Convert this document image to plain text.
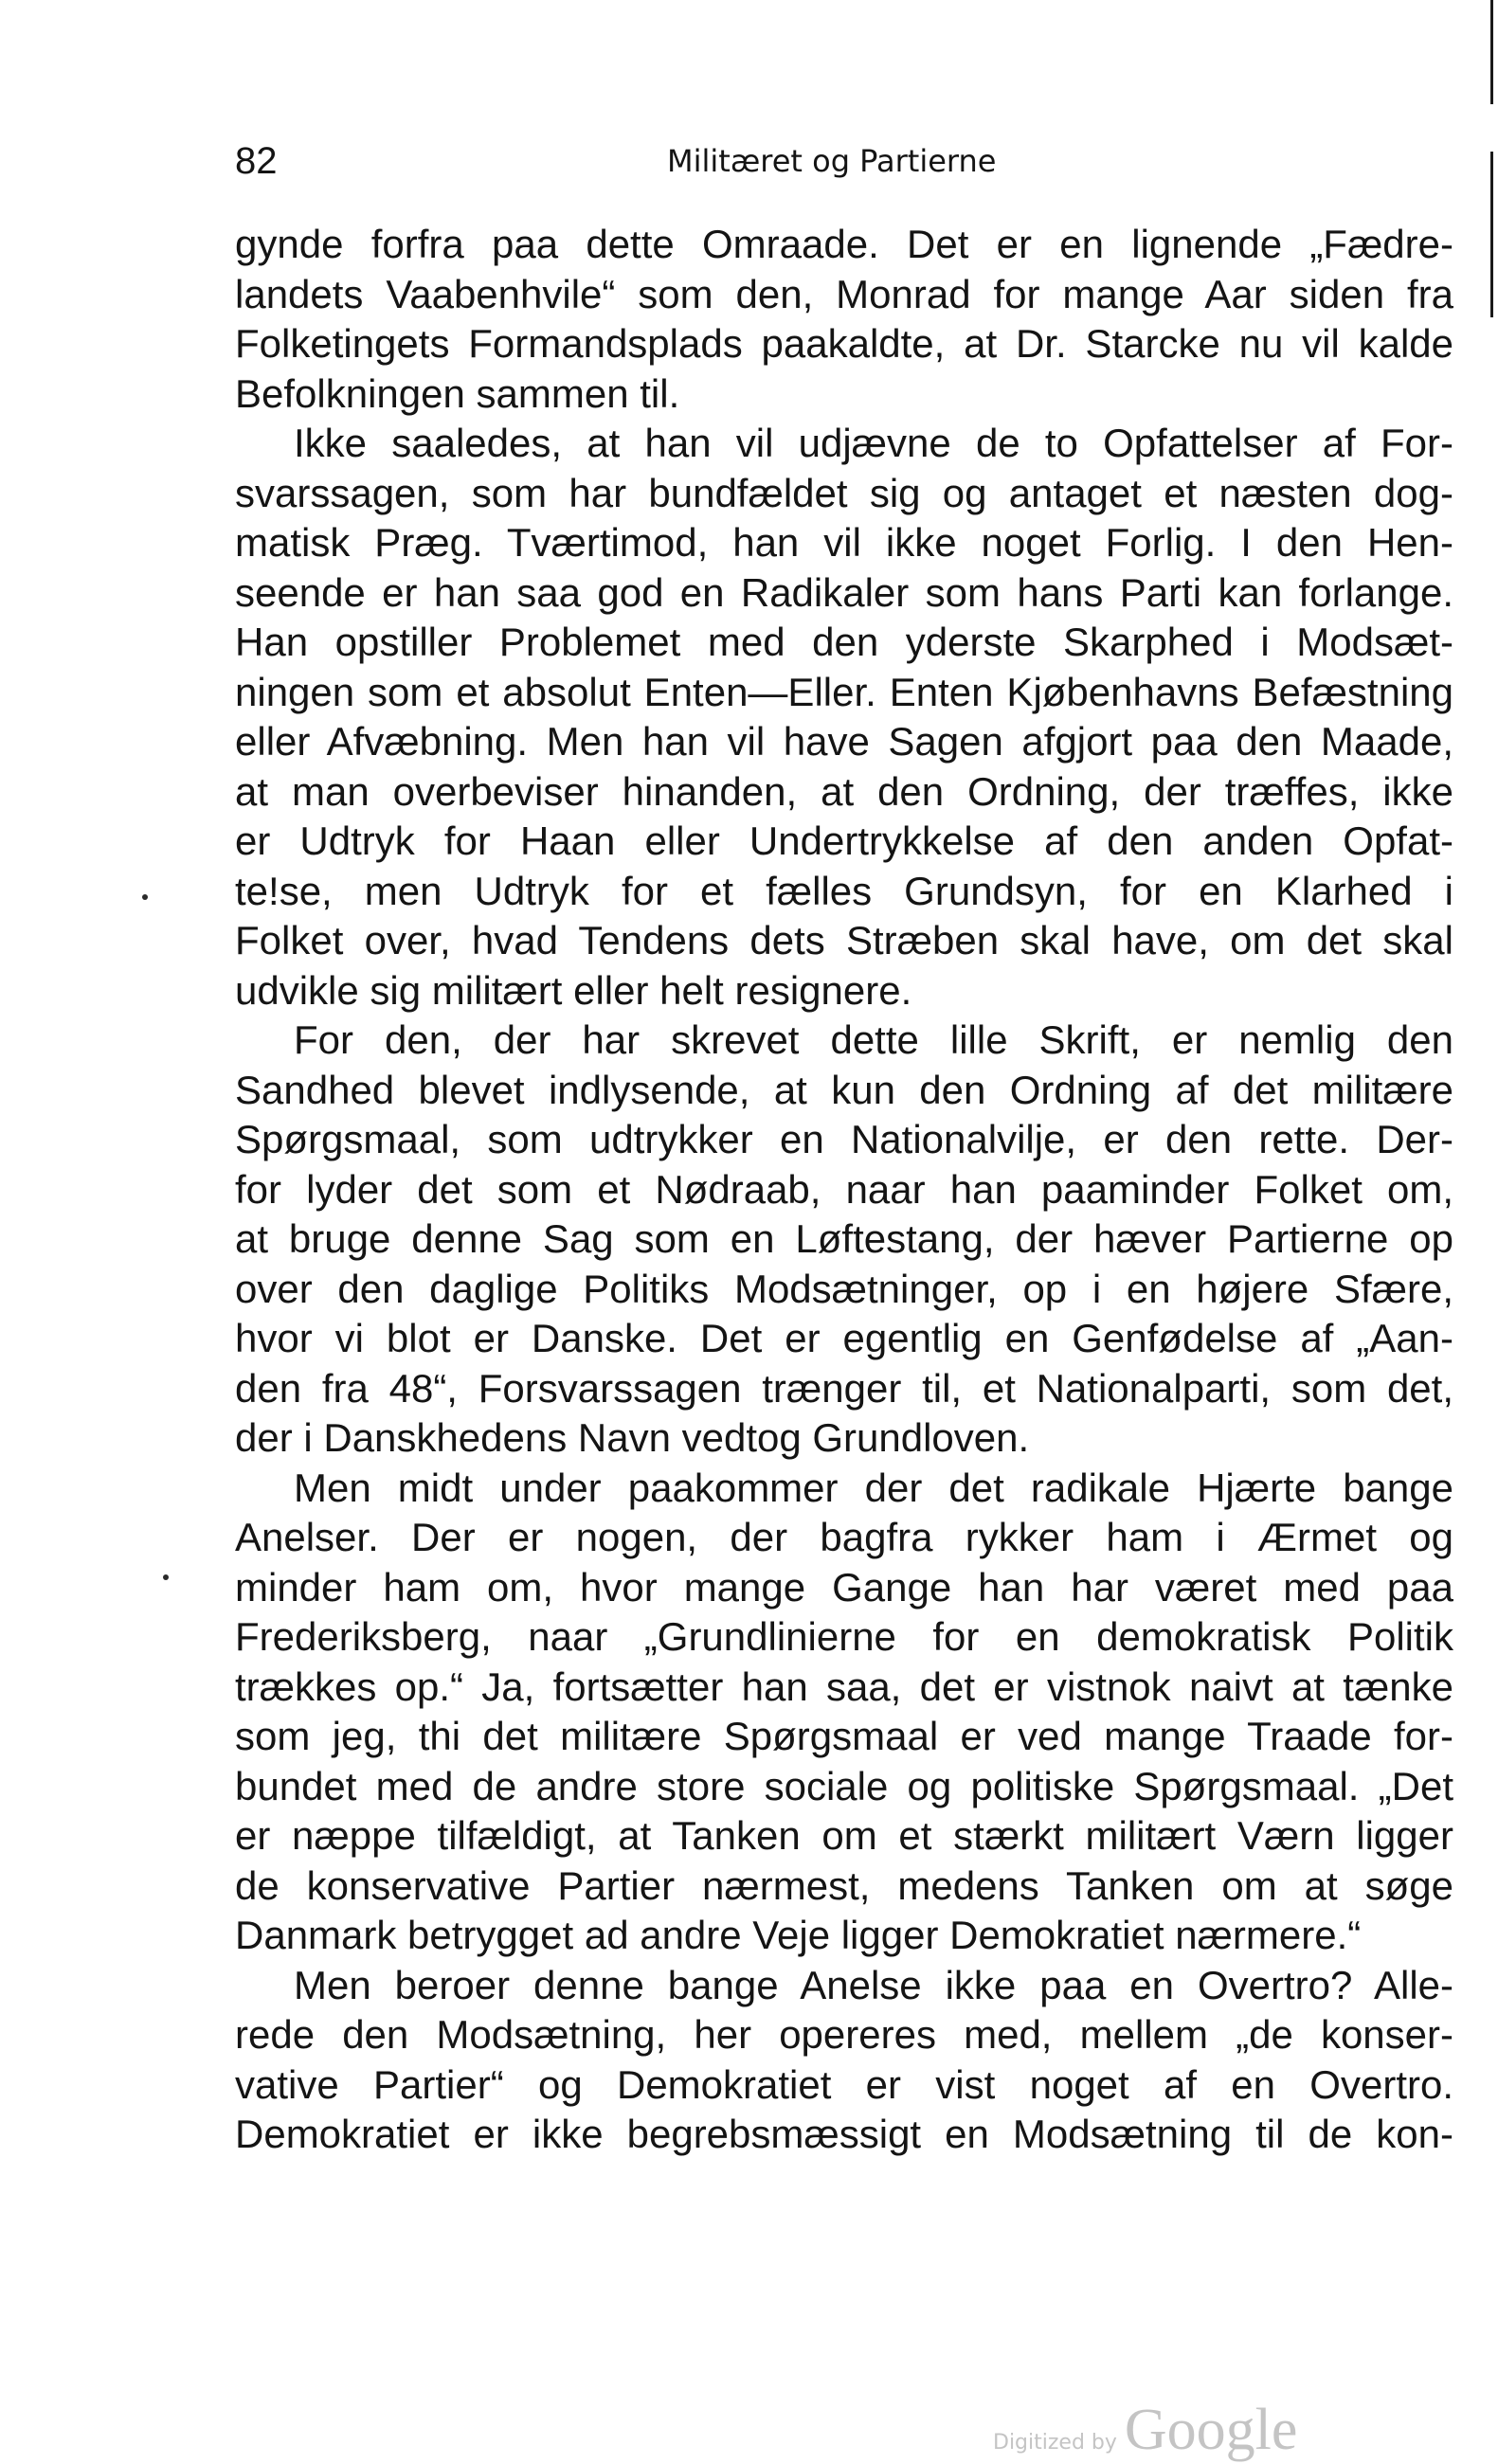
82	Militæret og Partierne
gynde forfra paa dette Omraade. Det er en lignende „Fædre-
landets Vaabenhvile“ som den, Monrad for mange Aar siden fra
Folketingets Formandsplads paakaldte, at Dr. Starcke nu vil kalde
Befolkningen sammen til.
Ikke saaledes, at han vil udjævne de to Opfattelser af For-
svarssagen, som har bundfældet sig og antaget et næsten dog-
matisk Præg. Tværtimod, han vil ikke noget Forlig. I den Hen-
seende er han saa god en Radikaler som hans Parti kan forlange.
Han opstiller Problemet med den yderste Skarphed i Modsæt-
ningen som et absolut Enten—Eller. Enten Kjøbenhavns Befæstning
eller Afvæbning. Men han vil have Sagen afgjort paa den Maade,
at man overbeviser hinanden, at den Ordning, der træffes, ikke
er Udtryk for Haan eller Undertrykkelse af den anden Opfat-
te!se, men Udtryk for et fælles Grundsyn, for en Klarhed i
Folket over, hvad Tendens dets Stræben skal have, om det skal
udvikle sig militært eller helt resignere.
For den, der har skrevet dette lille Skrift, er nemlig den
Sandhed blevet indlysende, at kun den Ordning af det militære
Spørgsmaal, som udtrykker en Nationalvilje, er den rette. Der-
for lyder det som et Nødraab, naar han paaminder Folket om,
at bruge denne Sag som en Løftestang, der hæver Partierne op
over den daglige Politiks Modsætninger, op i en højere Sfære,
hvor vi blot er Danske. Det er egentlig en Genfødelse af „Aan-
den fra 48“, Forsvarssagen trænger til, et Nationalparti, som det,
der i Danskhedens Navn vedtog Grundloven.
Men midt under paakommer der det radikale Hjærte bange
Anelser. Der er nogen, der bagfra rykker ham i Ærmet og
minder ham om, hvor mange Gange han har været med paa
Frederiksberg, naar „Grundlinierne for en demokratisk Politik
trækkes op.“ Ja, fortsætter han saa, det er vistnok naivt at tænke
som jeg, thi det militære Spørgsmaal er ved mange Traade for-
bundet med de andre store sociale og politiske Spørgsmaal. „Det
er næppe tilfældigt, at Tanken om et stærkt militært Værn ligger
de konservative Partier nærmest, medens Tanken om at søge
Danmark betrygget ad andre Veje ligger Demokratiet nærmere.“
Men beroer denne bange Anelse ikke paa en Overtro? Alle-
rede den Modsætning, her opereres med, mellem „de konser-
vative Partier“ og Demokratiet er vist noget af en Overtro.
Demokratiet er ikke begrebsmæssigt en Modsætning til de kon-
Digitized by Google
